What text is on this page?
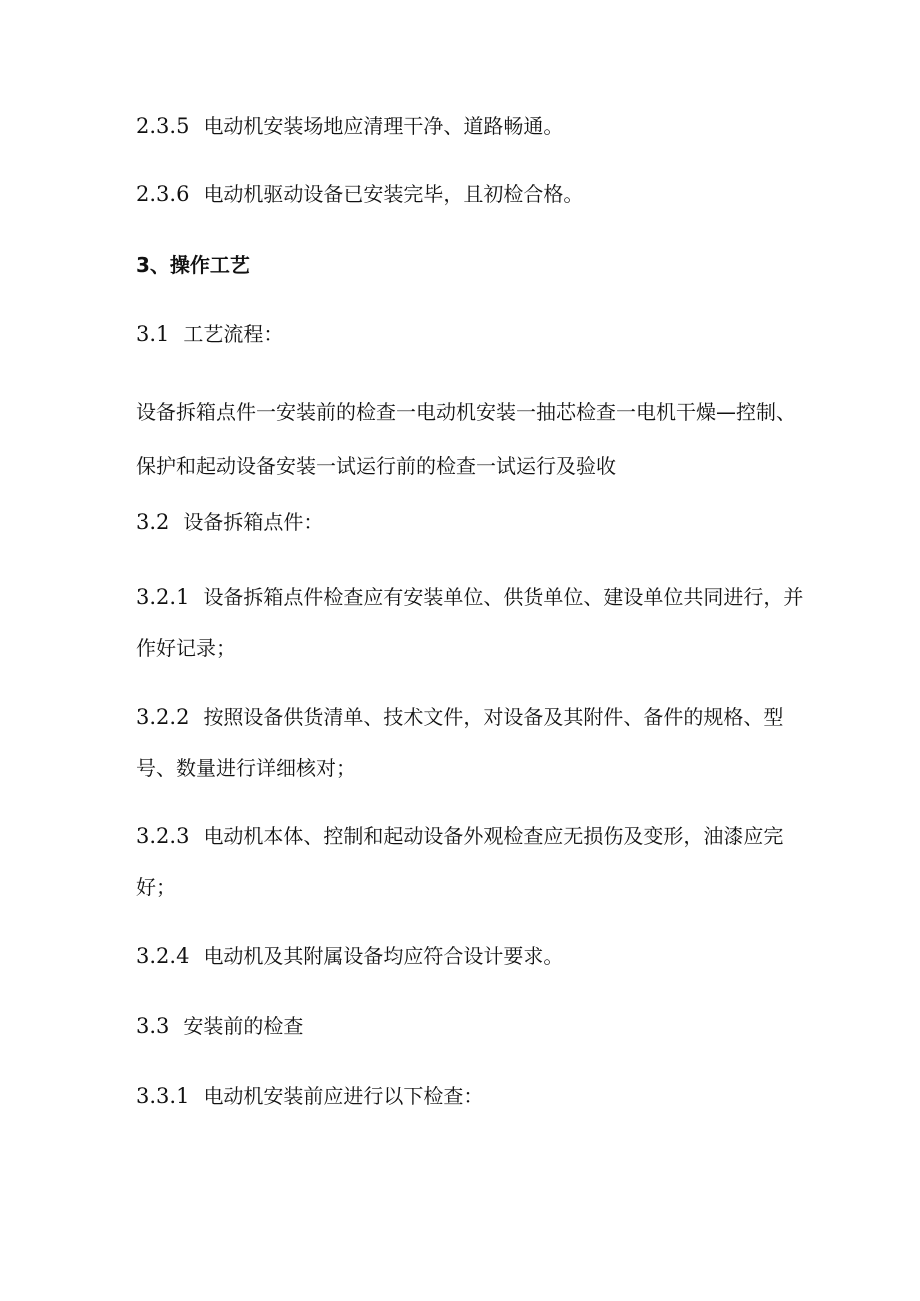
2.3.5 电动机安装场地应清理干净、道路畅通。

2.3.6 电动机驱动设备已安装完毕，且初检合格。

3、操作工艺

3.1 工艺流程：

设备拆箱点件一安装前的检查一电动机安装一抽芯检查一电机干燥—控制、保护和起动设备安装一试运行前的检查一试运行及验收

3.2 设备拆箱点件：

3.2.1 设备拆箱点件检查应有安装单位、供货单位、建设单位共同进行，并作好记录；

3.2.2 按照设备供货清单、技术文件，对设备及其附件、备件的规格、型号、数量进行详细核对；

3.2.3 电动机本体、控制和起动设备外观检查应无损伤及变形，油漆应完好；

3.2.4 电动机及其附属设备均应符合设计要求。

3.3 安装前的检查

3.3.1 电动机安装前应进行以下检查：
